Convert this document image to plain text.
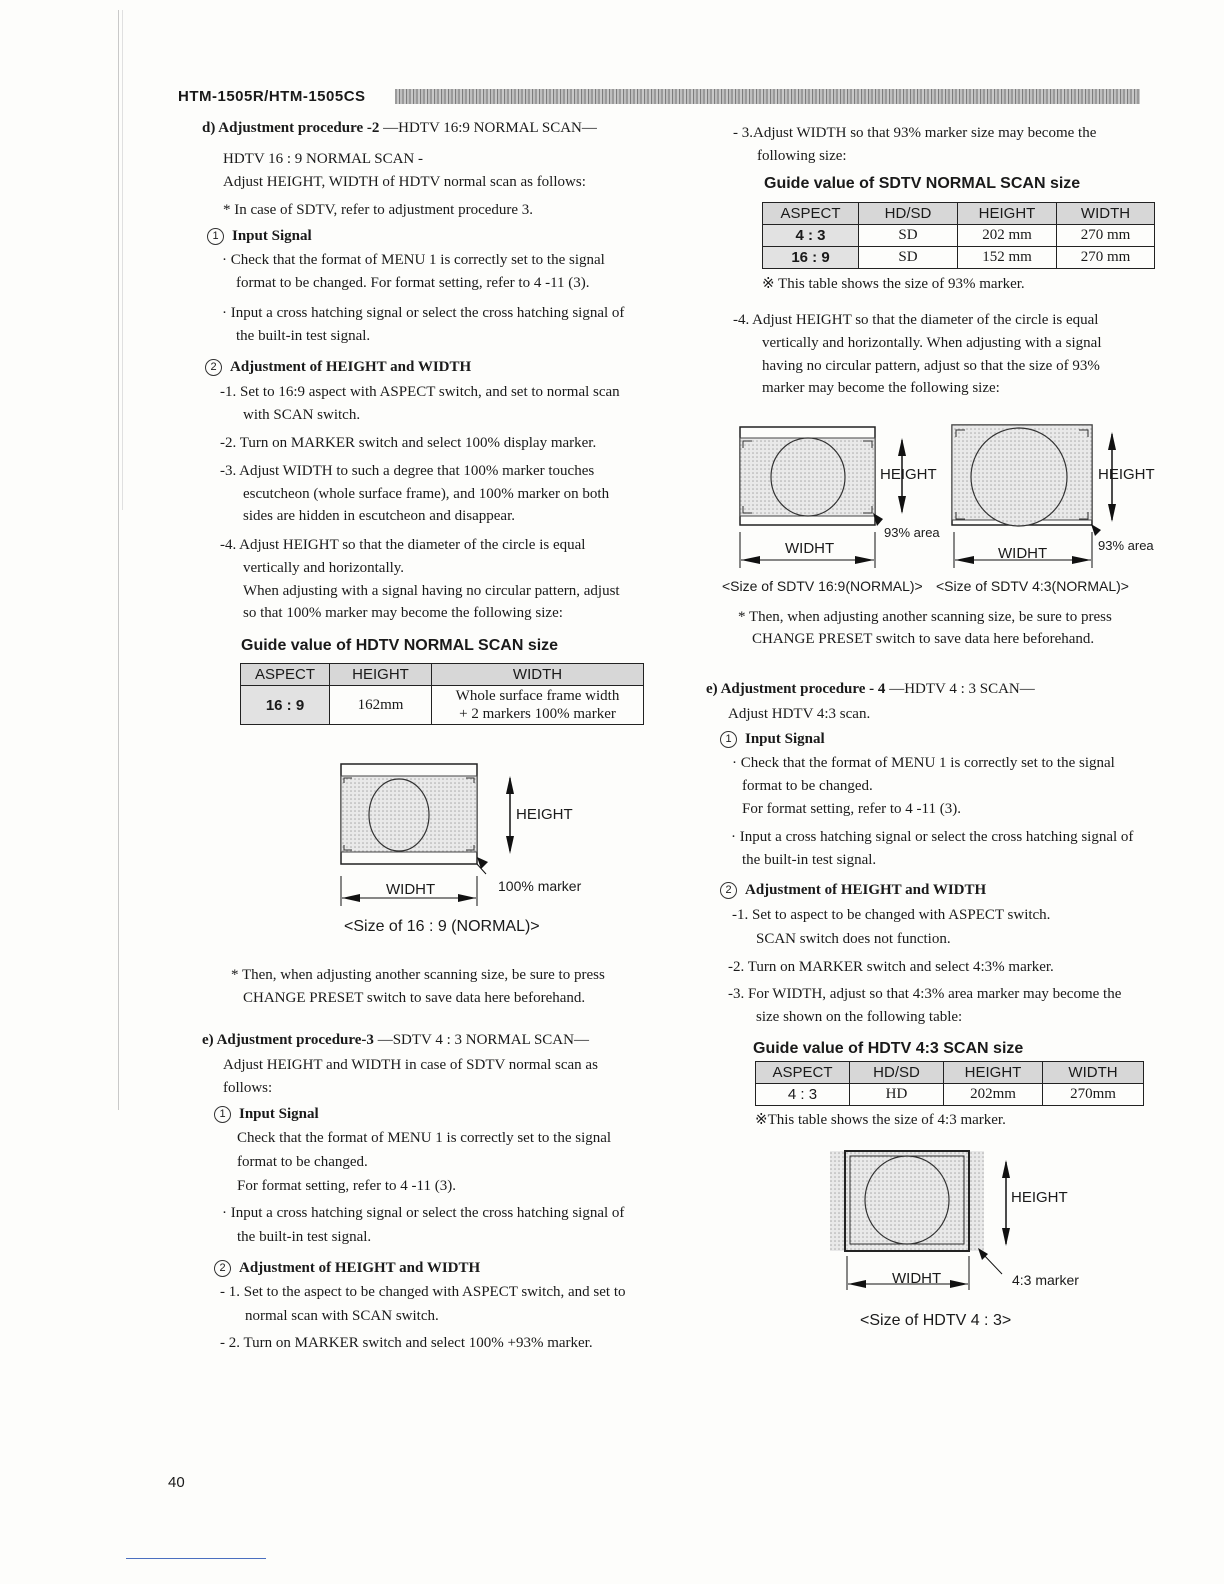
HTM-1505R/HTM-1505CS
d) Adjustment procedure -2 —HDTV 16:9 NORMAL SCAN—
HDTV 16 : 9 NORMAL SCAN -
Adjust HEIGHT, WIDTH of HDTV normal scan as follows:
* In case of SDTV, refer to adjustment procedure 3.
1 Input Signal
· Check that the format of MENU 1 is correctly set to the signal
format to be changed. For format setting, refer to 4 -11 (3).
· Input a cross hatching signal or select the cross hatching signal of
the built-in test signal.
2 Adjustment of HEIGHT and WIDTH
-1. Set to 16:9 aspect with ASPECT switch, and set to normal scan
with SCAN switch.
-2. Turn on MARKER switch and select 100% display marker.
-3. Adjust WIDTH to such a degree that 100% marker touches
escutcheon (whole surface frame), and 100% marker on both
sides are hidden in escutcheon and disappear.
-4. Adjust HEIGHT so that the diameter of the circle is equal
vertically and horizontally.
When adjusting with a signal having no circular pattern, adjust
so that 100% marker may become the following size:
Guide value of HDTV NORMAL SCAN size
ASPECT	HEIGHT	WIDTH
16 : 9	162mm	Whole surface frame width
+ 2 markers 100% marker
HEIGHT
WIDHT	100% marker
<Size of 16 : 9 (NORMAL)>
* Then, when adjusting another scanning size, be sure to press
CHANGE PRESET switch to save data here beforehand.
e) Adjustment procedure-3 —SDTV 4 : 3 NORMAL SCAN—
Adjust HEIGHT and WIDTH in case of SDTV normal scan as
follows:
1 Input Signal
Check that the format of MENU 1 is correctly set to the signal
format to be changed.
For format setting, refer to 4 -11 (3).
· Input a cross hatching signal or select the cross hatching signal of
the built-in test signal.
2 Adjustment of HEIGHT and WIDTH
- 1. Set to the aspect to be changed with ASPECT switch, and set to
normal scan with SCAN switch.
- 2. Turn on MARKER switch and select 100% +93% marker.
- 3.Adjust WIDTH so that 93% marker size may become the
following size:
Guide value of SDTV NORMAL SCAN size
ASPECT	HD/SD	HEIGHT	WIDTH
4 : 3	SD	202 mm	270 mm
16 : 9	SD	152 mm	270 mm
※ This table shows the size of 93% marker.
-4. Adjust HEIGHT so that the diameter of the circle is equal
vertically and horizontally. When adjusting with a signal
having no circular pattern, adjust so that the size of 93%
marker may become the following size:
HEIGHT
WIDHT
93% area
<Size of SDTV 16:9(NORMAL)>
HEIGHT
WIDHT	93% area
<Size of SDTV 4:3(NORMAL)>
* Then, when adjusting another scanning size, be sure to press
CHANGE PRESET switch to save data here beforehand.
e) Adjustment procedure - 4 —HDTV 4 : 3 SCAN—
Adjust HDTV 4:3 scan.
1 Input Signal
· Check that the format of MENU 1 is correctly set to the signal
format to be changed.
For format setting, refer to 4 -11 (3).
· Input a cross hatching signal or select the cross hatching signal of
the built-in test signal.
2 Adjustment of HEIGHT and WIDTH
-1. Set to aspect to be changed with ASPECT switch.
SCAN switch does not function.
-2. Turn on MARKER switch and select 4:3% marker.
-3. For WIDTH, adjust so that 4:3% area marker may become the
size shown on the following table:
Guide value of HDTV 4:3 SCAN size
ASPECT	HD/SD	HEIGHT	WIDTH
4 : 3	HD	202mm	270mm
※This table shows the size of 4:3 marker.
HEIGHT
WIDHT	4:3 marker
<Size of HDTV 4 : 3>
40
